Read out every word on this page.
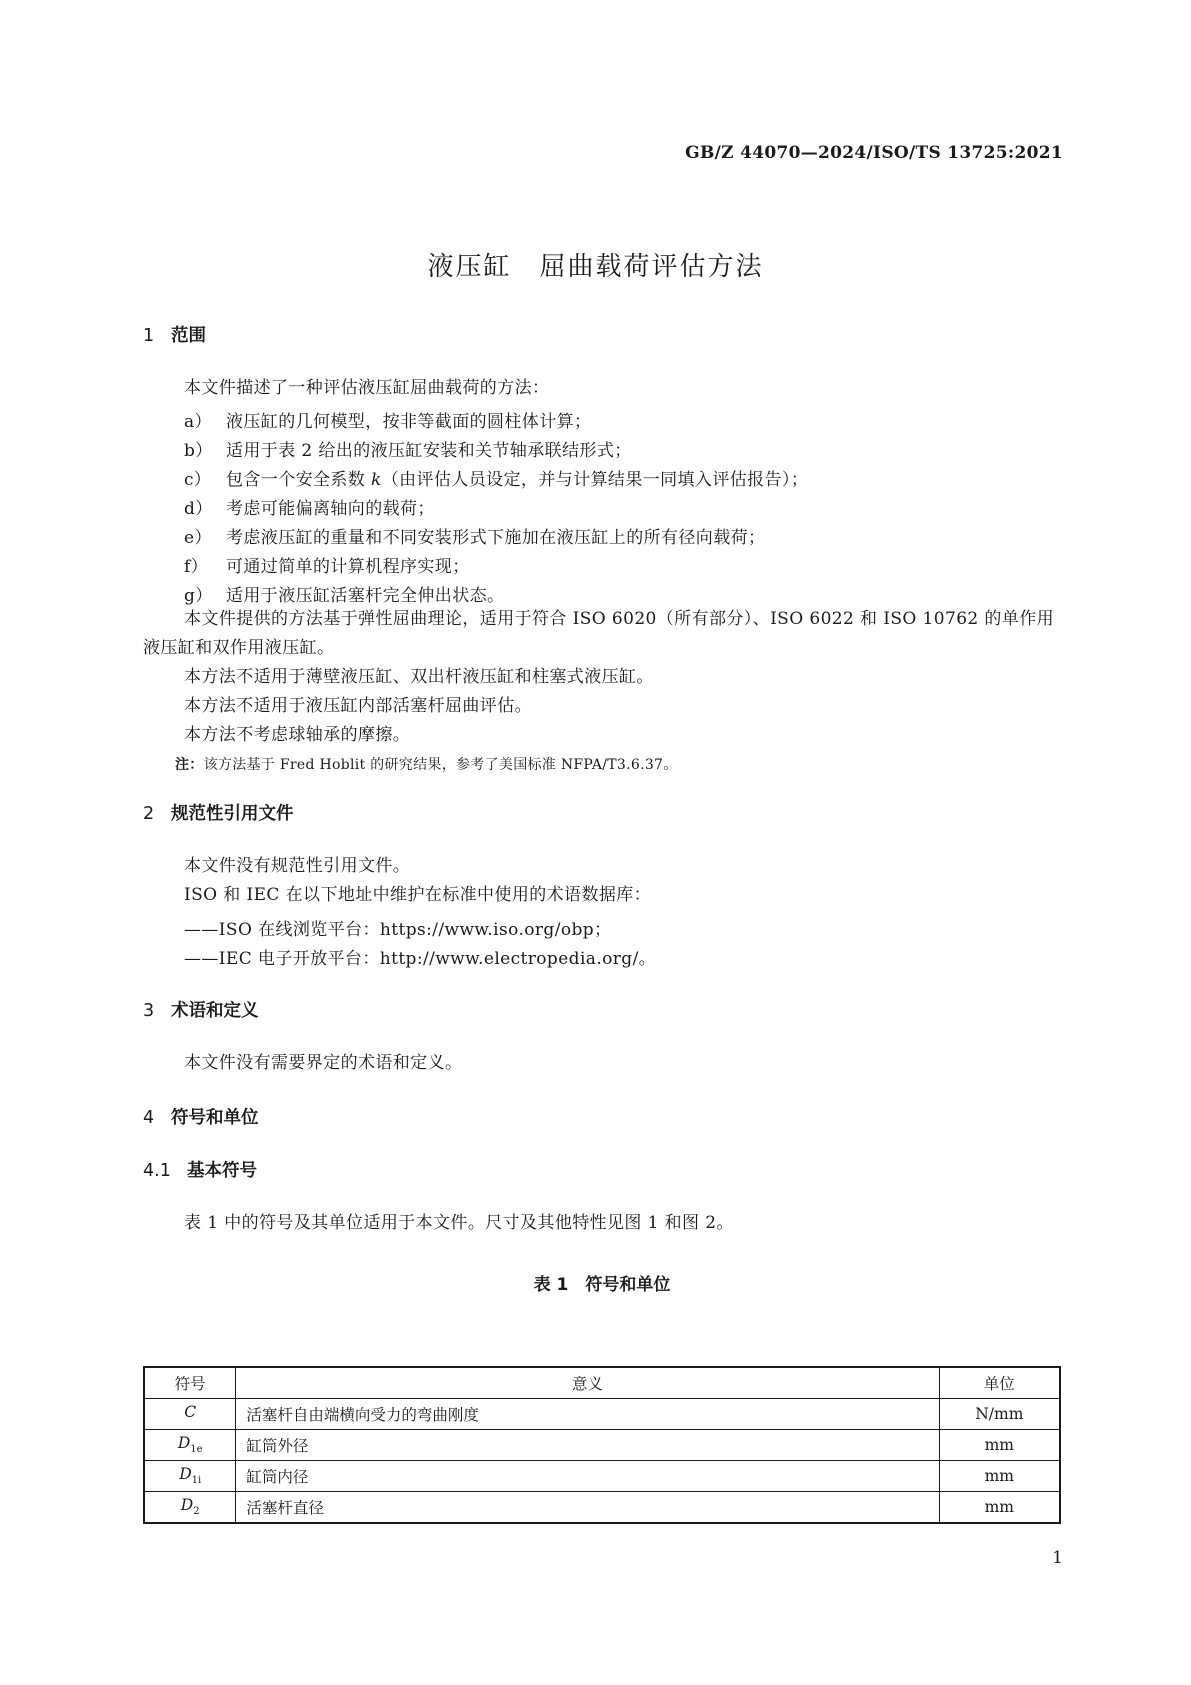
GB/Z 44070—2024/ISO/TS 13725:2021
液压缸　屈曲载荷评估方法
1 范围
本文件描述了一种评估液压缸屈曲载荷的方法：
a） 液压缸的几何模型，按非等截面的圆柱体计算；
b） 适用于表 2 给出的液压缸安装和关节轴承联结形式；
c） 包含一个安全系数 k（由评估人员设定，并与计算结果一同填入评估报告）；
d） 考虑可能偏离轴向的载荷；
e） 考虑液压缸的重量和不同安装形式下施加在液压缸上的所有径向载荷；
f） 可通过简单的计算机程序实现；
g） 适用于液压缸活塞杆完全伸出状态。
本文件提供的方法基于弹性屈曲理论，适用于符合 ISO 6020（所有部分）、ISO 6022 和 ISO 10762 的单作用液压缸和双作用液压缸。
本方法不适用于薄壁液压缸、双出杆液压缸和柱塞式液压缸。
本方法不适用于液压缸内部活塞杆屈曲评估。
本方法不考虑球轴承的摩擦。
注：该方法基于 Fred Hoblit 的研究结果，参考了美国标准 NFPA/T3.6.37。
2 规范性引用文件
本文件没有规范性引用文件。
ISO 和 IEC 在以下地址中维护在标准中使用的术语数据库：
——ISO 在线浏览平台：https://www.iso.org/obp；
——IEC 电子开放平台：http://www.electropedia.org/。
3 术语和定义
本文件没有需要界定的术语和定义。
4 符号和单位
4.1 基本符号
表 1 中的符号及其单位适用于本文件。尺寸及其他特性见图 1 和图 2。
表 1　符号和单位
符号	意义	单位
C	活塞杆自由端横向受力的弯曲刚度	N/mm
$D_{1e}$	缸筒外径	mm
$D_{1i}$	缸筒内径	mm
$D_2$	活塞杆直径	mm
1
